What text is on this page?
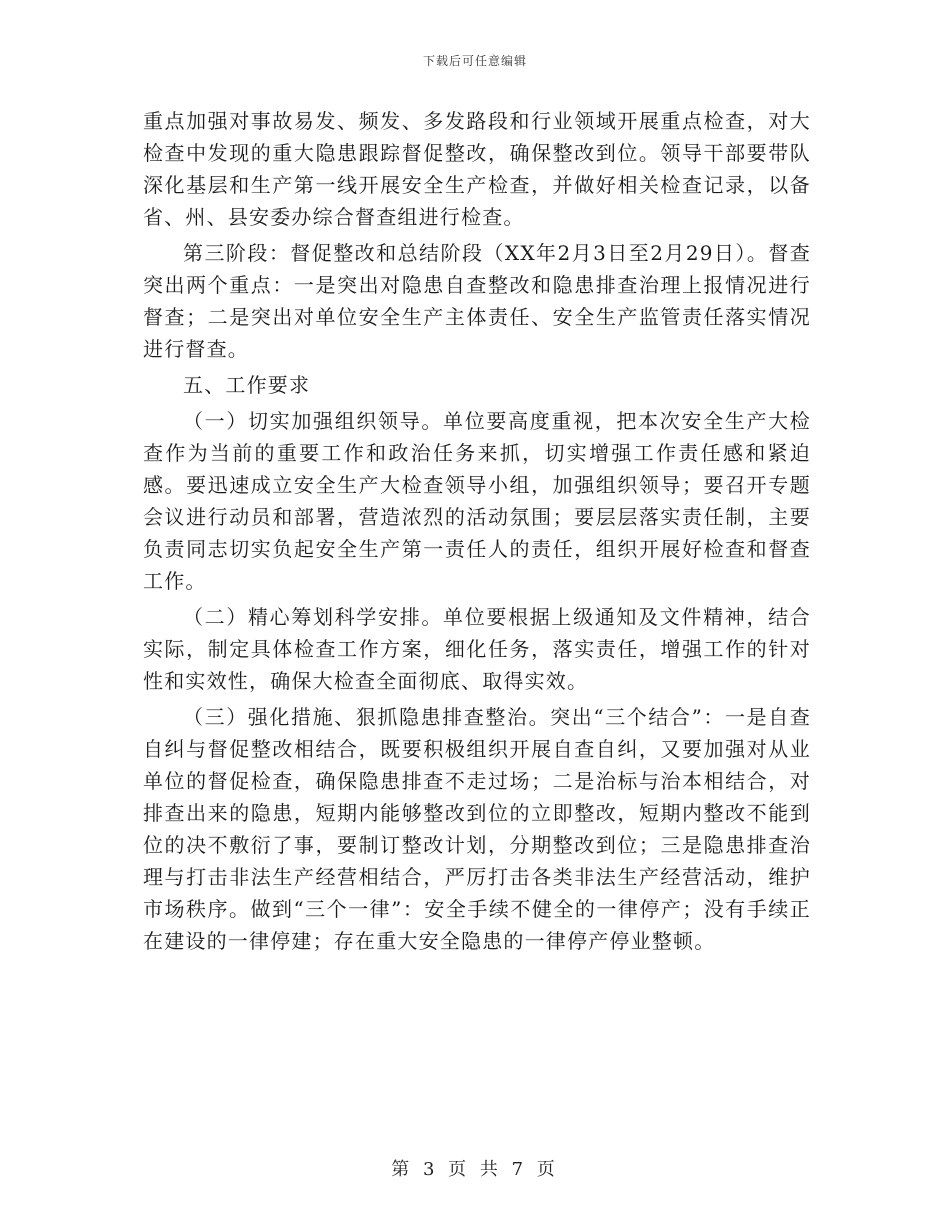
下载后可任意编辑

重点加强对事故易发、频发、多发路段和行业领域开展重点检查，对大检查中发现的重大隐患跟踪督促整改，确保整改到位。领导干部要带队深化基层和生产第一线开展安全生产检查，并做好相关检查记录，以备省、州、县安委办综合督查组进行检查。

第三阶段：督促整改和总结阶段（XX年2月3日至2月29日）。督查突出两个重点：一是突出对隐患自查整改和隐患排查治理上报情况进行督查；二是突出对单位安全生产主体责任、安全生产监管责任落实情况进行督查。

五、工作要求

（一）切实加强组织领导。单位要高度重视，把本次安全生产大检查作为当前的重要工作和政治任务来抓，切实增强工作责任感和紧迫感。要迅速成立安全生产大检查领导小组，加强组织领导；要召开专题会议进行动员和部署，营造浓烈的活动氛围；要层层落实责任制，主要负责同志切实负起安全生产第一责任人的责任，组织开展好检查和督查工作。

（二）精心筹划科学安排。单位要根据上级通知及文件精神，结合实际，制定具体检查工作方案，细化任务，落实责任，增强工作的针对性和实效性，确保大检查全面彻底、取得实效。

（三）强化措施、狠抓隐患排查整治。突出“三个结合”：一是自查自纠与督促整改相结合，既要积极组织开展自查自纠，又要加强对从业单位的督促检查，确保隐患排查不走过场；二是治标与治本相结合，对排查出来的隐患，短期内能够整改到位的立即整改，短期内整改不能到位的决不敷衍了事，要制订整改计划，分期整改到位；三是隐患排查治理与打击非法生产经营相结合，严厉打击各类非法生产经营活动，维护市场秩序。做到“三个一律”：安全手续不健全的一律停产；没有手续正在建设的一律停建；存在重大安全隐患的一律停产停业整顿。

第 3 页 共 7 页
